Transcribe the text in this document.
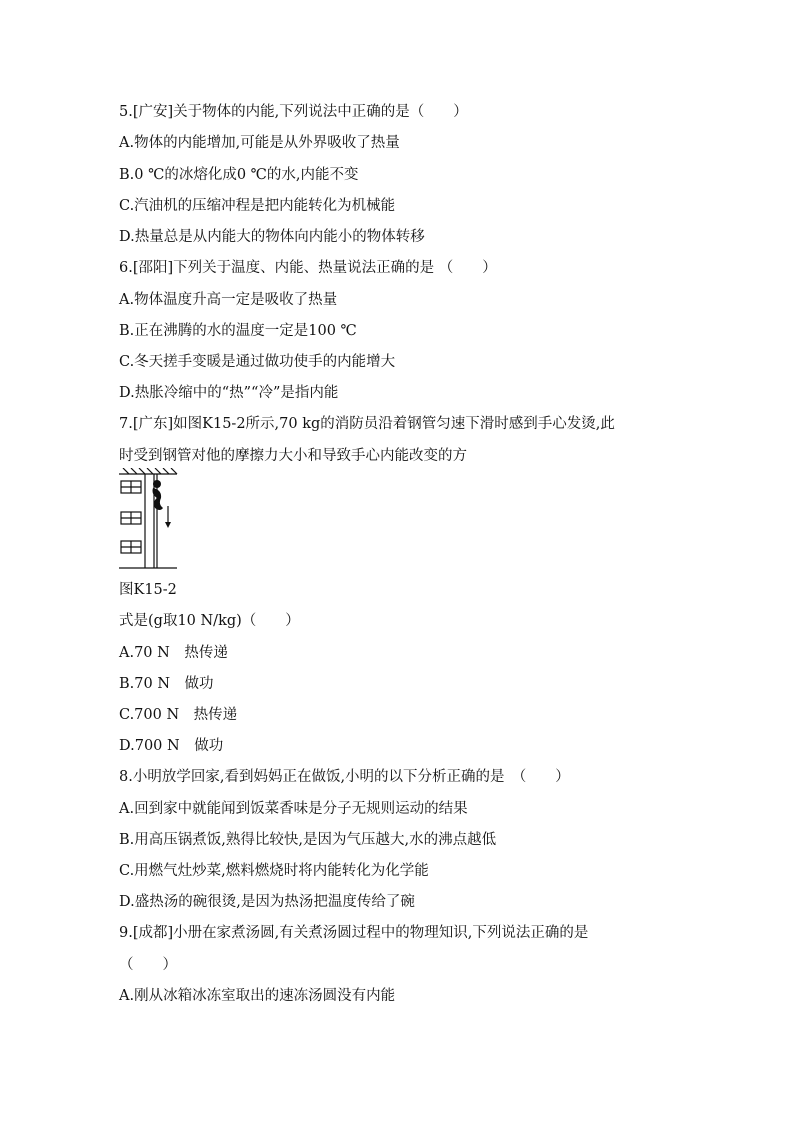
5.[广安]关于物体的内能,下列说法中正确的是（　　）
A.物体的内能增加,可能是从外界吸收了热量
B.0 ℃的冰熔化成0 ℃的水,内能不变
C.汽油机的压缩冲程是把内能转化为机械能
D.热量总是从内能大的物体向内能小的物体转移
6.[邵阳]下列关于温度、内能、热量说法正确的是 （　　）
A.物体温度升高一定是吸收了热量
B.正在沸腾的水的温度一定是100 ℃
C.冬天搓手变暖是通过做功使手的内能增大
D.热胀冷缩中的“热”“冷”是指内能
7.[广东]如图K15-2所示,70 kg的消防员沿着钢管匀速下滑时感到手心发烫,此
时受到钢管对他的摩擦力大小和导致手心内能改变的方
图K15-2
式是(g取10 N/kg)（　　）
A.70 N　热传递
B.70 N　做功
C.700 N　热传递
D.700 N　做功
8.小明放学回家,看到妈妈正在做饭,小明的以下分析正确的是　（　　）
A.回到家中就能闻到饭菜香味是分子无规则运动的结果
B.用高压锅煮饭,熟得比较快,是因为气压越大,水的沸点越低
C.用燃气灶炒菜,燃料燃烧时将内能转化为化学能
D.盛热汤的碗很烫,是因为热汤把温度传给了碗
9.[成都]小册在家煮汤圆,有关煮汤圆过程中的物理知识,下列说法正确的是
（　　）
A.刚从冰箱冰冻室取出的速冻汤圆没有内能
